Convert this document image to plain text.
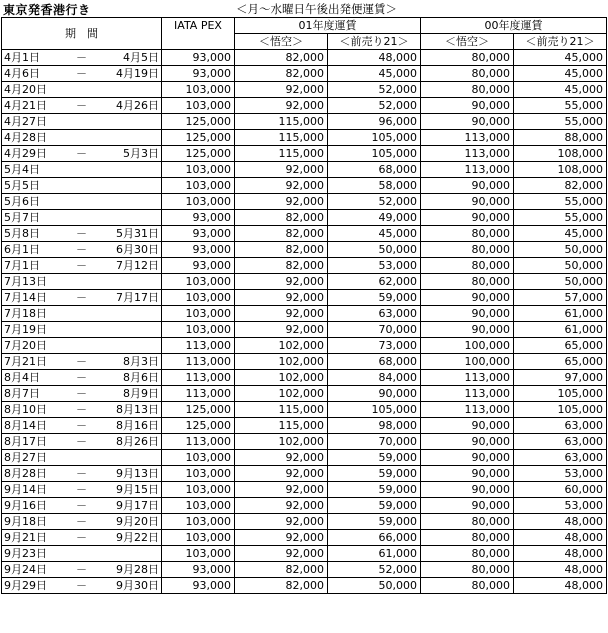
東京発香港行き	＜月～水曜日午後出発便運賃＞
期　間	IATA PEX	01年度運賃		00年度運賃	
		＜悟空＞	＜前売り21＞	＜悟空＞	＜前売り21＞

4月1日 － 4月5日	93,000	82,000	48,000	80,000	45,000

4月6日 － 4月19日	93,000	82,000	45,000	80,000	45,000

4月20日	103,000	92,000	52,000	80,000	45,000

4月21日 － 4月26日	103,000	92,000	52,000	90,000	55,000

4月27日	125,000	115,000	96,000	90,000	55,000

4月28日	125,000	115,000	105,000	113,000	88,000

4月29日 － 5月3日	125,000	115,000	105,000	113,000	108,000

5月4日	103,000	92,000	68,000	113,000	108,000

5月5日	103,000	92,000	58,000	90,000	82,000

5月6日	103,000	92,000	52,000	90,000	55,000

5月7日	93,000	82,000	49,000	90,000	55,000

5月8日 － 5月31日	93,000	82,000	45,000	80,000	45,000

6月1日 － 6月30日	93,000	82,000	50,000	80,000	50,000

7月1日 － 7月12日	93,000	82,000	53,000	80,000	50,000

7月13日	103,000	92,000	62,000	80,000	50,000

7月14日 － 7月17日	103,000	92,000	59,000	90,000	57,000

7月18日	103,000	92,000	63,000	90,000	61,000

7月19日	103,000	92,000	70,000	90,000	61,000

7月20日	113,000	102,000	73,000	100,000	65,000

7月21日 － 8月3日	113,000	102,000	68,000	100,000	65,000

8月4日 － 8月6日	113,000	102,000	84,000	113,000	97,000

8月7日 － 8月9日	113,000	102,000	90,000	113,000	105,000

8月10日 － 8月13日	125,000	115,000	105,000	113,000	105,000

8月14日 － 8月16日	125,000	115,000	98,000	90,000	63,000

8月17日 － 8月26日	113,000	102,000	70,000	90,000	63,000

8月27日	103,000	92,000	59,000	90,000	63,000

8月28日 － 9月13日	103,000	92,000	59,000	90,000	53,000

9月14日 － 9月15日	103,000	92,000	59,000	90,000	60,000

9月16日 － 9月17日	103,000	92,000	59,000	90,000	53,000

9月18日 － 9月20日	103,000	92,000	59,000	80,000	48,000

9月21日 － 9月22日	103,000	92,000	66,000	80,000	48,000

9月23日	103,000	92,000	61,000	80,000	48,000

9月24日 － 9月28日	93,000	82,000	52,000	80,000	48,000

9月29日 － 9月30日	93,000	82,000	50,000	80,000	48,000
